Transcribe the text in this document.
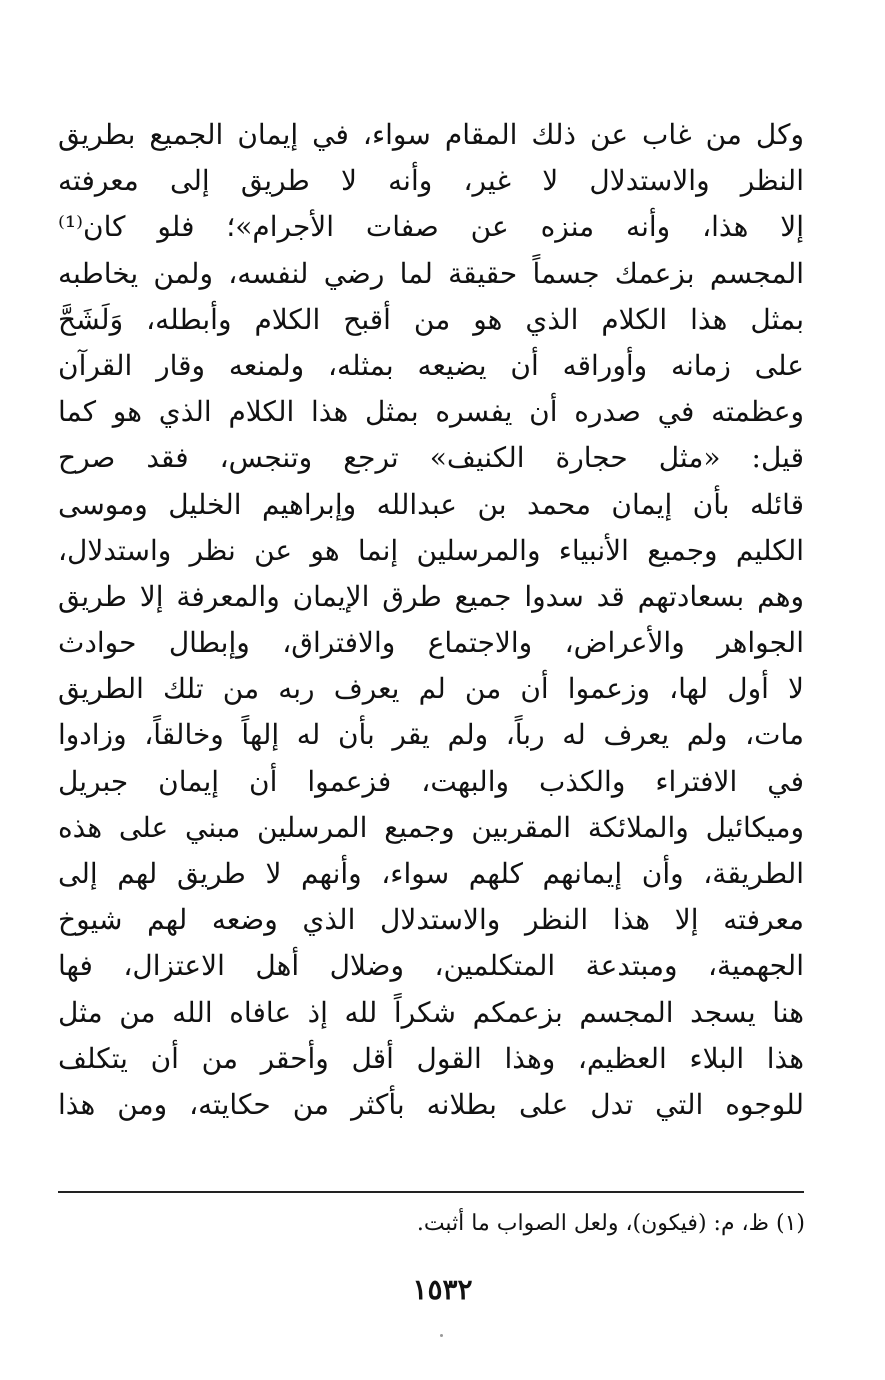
وكل من غاب عن ذلك المقام سواء، في إيمان الجميع بطريق
النظر والاستدلال لا غير، وأنه لا طريق إلى معرفته
إلا هذا، وأنه منزه عن صفات الأجرام»؛ فلو كان⁽¹⁾
المجسم بزعمك جسماً حقيقة لما رضي لنفسه، ولمن يخاطبه
بمثل هذا الكلام الذي هو من أقبح الكلام وأبطله، وَلَشَحَّ
على زمانه وأوراقه أن يضيعه بمثله، ولمنعه وقار القرآن
وعظمته في صدره أن يفسره بمثل هذا الكلام الذي هو كما
قيل: «مثل حجارة الكنيف» ترجع وتنجس، فقد صرح
قائله بأن إيمان محمد بن عبدالله وإبراهيم الخليل وموسى
الكليم وجميع الأنبياء والمرسلين إنما هو عن نظر واستدلال،
وهم بسعادتهم قد سدوا جميع طرق الإيمان والمعرفة إلا طريق
الجواهر والأعراض، والاجتماع والافتراق، وإبطال حوادث
لا أول لها، وزعموا أن من لم يعرف ربه من تلك الطريق
مات، ولم يعرف له رباً، ولم يقر بأن له إلهاً وخالقاً، وزادوا
في الافتراء والكذب والبهت، فزعموا أن إيمان جبريل
وميكائيل والملائكة المقربين وجميع المرسلين مبني على هذه
الطريقة، وأن إيمانهم كلهم سواء، وأنهم لا طريق لهم إلى
معرفته إلا هذا النظر والاستدلال الذي وضعه لهم شيوخ
الجهمية، ومبتدعة المتكلمين، وضلال أهل الاعتزال، فها
هنا يسجد المجسم بزعمكم شكراً لله إذ عافاه الله من مثل
هذا البلاء العظيم، وهذا القول أقل وأحقر من أن يتكلف
للوجوه التي تدل على بطلانه بأكثر من حكايته، ومن هذا
(١) ظ، م: (فيكون)، ولعل الصواب ما أثبت.
١٥٣٢
